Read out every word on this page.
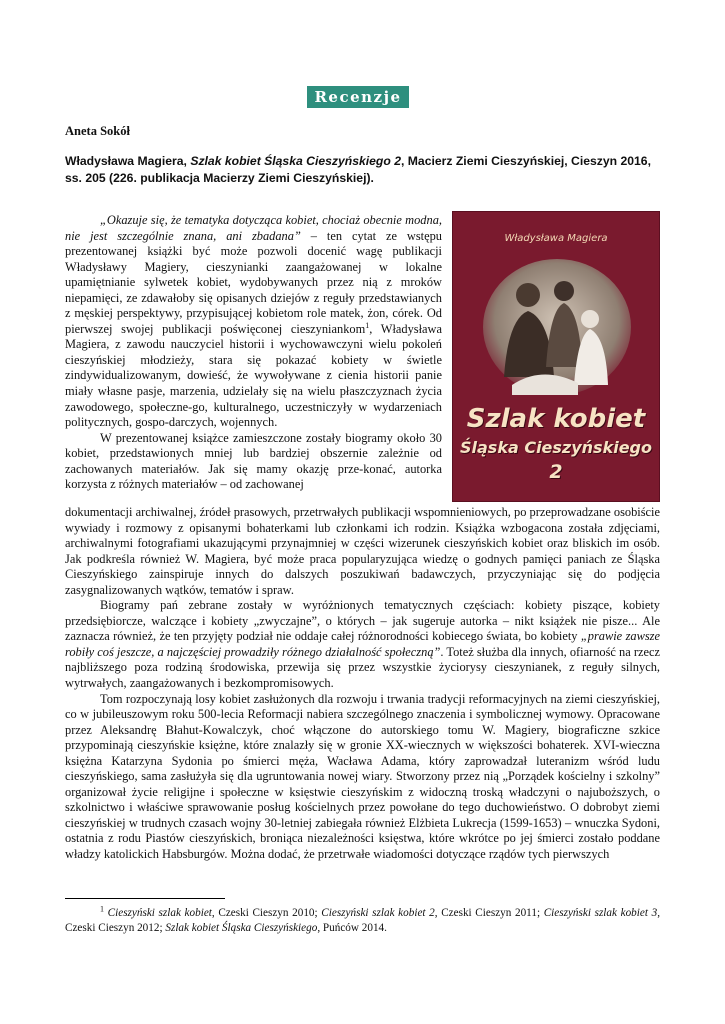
Recenzje
Aneta Sokół
Władysława Magiera, Szlak kobiet Śląska Cieszyńskiego 2, Macierz Ziemi Cieszyńskiej, Cieszyn 2016, ss. 205 (226. publikacja Macierzy Ziemi Cieszyńskiej).
Władysława Magiera
Szlak kobiet
Śląska Cieszyńskiego
2

„Okazuje się, że tematyka dotycząca kobiet, chociaż obecnie modna, nie jest szczególnie znana, ani zbadana” – ten cytat ze wstępu prezentowanej książki być może pozwoli docenić wagę publikacji Władysławy Magiery, cieszynianki zaangażowanej w lokalne upamiętnianie sylwetek kobiet, wydobywanych przez nią z mroków niepamięci, ze zdawałoby się opisanych dziejów z reguły przedstawianych z męskiej perspektywy, przypisującej kobietom role matek, żon, córek. Od pierwszej swojej publikacji poświęconej cieszyniankom$^1$, Władysława Magiera, z zawodu nauczyciel historii i wychowawczyni wielu pokoleń cieszyńskiej młodzieży, stara się pokazać kobiety w świetle zindywidualizowanym, dowieść, że wywoływane z cienia historii panie miały własne pasje, marzenia, udzielały się na wielu płaszczyznach życia zawodowego, społeczne-go, kulturalnego, uczestniczyły w wydarzeniach politycznych, gospo-darczych, wojennych.

W prezentowanej książce zamieszczone zostały biogramy około 30 kobiet, przedstawionych mniej lub bardziej obszernie zależnie od zachowanych materiałów. Jak się mamy okazję prze-konać, autorka korzysta z różnych materiałów – od zachowanej

dokumentacji archiwalnej, źródeł prasowych, przetrwałych publikacji wspomnieniowych, po przeprowadzane osobiście wywiady i rozmowy z opisanymi bohaterkami lub członkami ich rodzin. Książka wzbogacona została zdjęciami, archiwalnymi fotografiami ukazującymi przynajmniej w części wizerunek cieszyńskich kobiet oraz bliskich im osób. Jak podkreśla również W. Magiera, być może praca popularyzująca wiedzę o godnych pamięci paniach ze Śląska Cieszyńskiego zainspiruje innych do dalszych poszukiwań badawczych, przyczyniając się do podjęcia zasygnalizowanych wątków, tematów i spraw.

Biogramy pań zebrane zostały w wyróżnionych tematycznych częściach: kobiety piszące, kobiety przedsiębiorcze, walczące i kobiety „zwyczajne”, o których – jak sugeruje autorka – nikt książek nie pisze... Ale zaznacza również, że ten przyjęty podział nie oddaje całej różnorodności kobiecego świata, bo kobiety „prawie zawsze robiły coś jeszcze, a najczęściej prowadziły różnego działalność społeczną”. Toteż służba dla innych, ofiarność na rzecz najbliższego poza rodziną środowiska, przewija się przez wszystkie życiorysy cieszynianek, z reguły silnych, wytrwałych, zaangażowanych i bezkompromisowych.

Tom rozpoczynają losy kobiet zasłużonych dla rozwoju i trwania tradycji reformacyjnych na ziemi cieszyńskiej, co w jubileuszowym roku 500-lecia Reformacji nabiera szczególnego znaczenia i symbolicznej wymowy. Opracowane przez Aleksandrę Błahut-Kowalczyk, choć włączone do autorskiego tomu W. Magiery, biograficzne szkice przypominają cieszyńskie księżne, które znalazły się w gronie XX-wiecznych w większości bohaterek. XVI-wieczna księżna Katarzyna Sydonia po śmierci męża, Wacława Adama, który zaprowadzał luteranizm wśród ludu cieszyńskiego, sama zasłużyła się dla ugruntowania nowej wiary. Stworzony przez nią „Porządek kościelny i szkolny” organizował życie religijne i społeczne w księstwie cieszyńskim z widoczną troską władczyni o najuboższych, o szkolnictwo i właściwe sprawowanie posług kościelnych przez powołane do tego duchowieństwo. O dobrobyt ziemi cieszyńskiej w trudnych czasach wojny 30-letniej zabiegała również Elżbieta Lukrecja (1599-1653) – wnuczka Sydoni, ostatnia z rodu Piastów cieszyńskich, broniąca niezależności księstwa, które wkrótce po jej śmierci zostało poddane władzy katolickich Habsburgów. Można dodać, że przetrwałe wiadomości dotyczące rządów tych pierwszych

$^1$ Cieszyński szlak kobiet, Czeski Cieszyn 2010; Cieszyński szlak kobiet 2, Czeski Cieszyn 2011; Cieszyński szlak kobiet 3, Czeski Cieszyn 2012; Szlak kobiet Śląska Cieszyńskiego, Puńców 2014.
